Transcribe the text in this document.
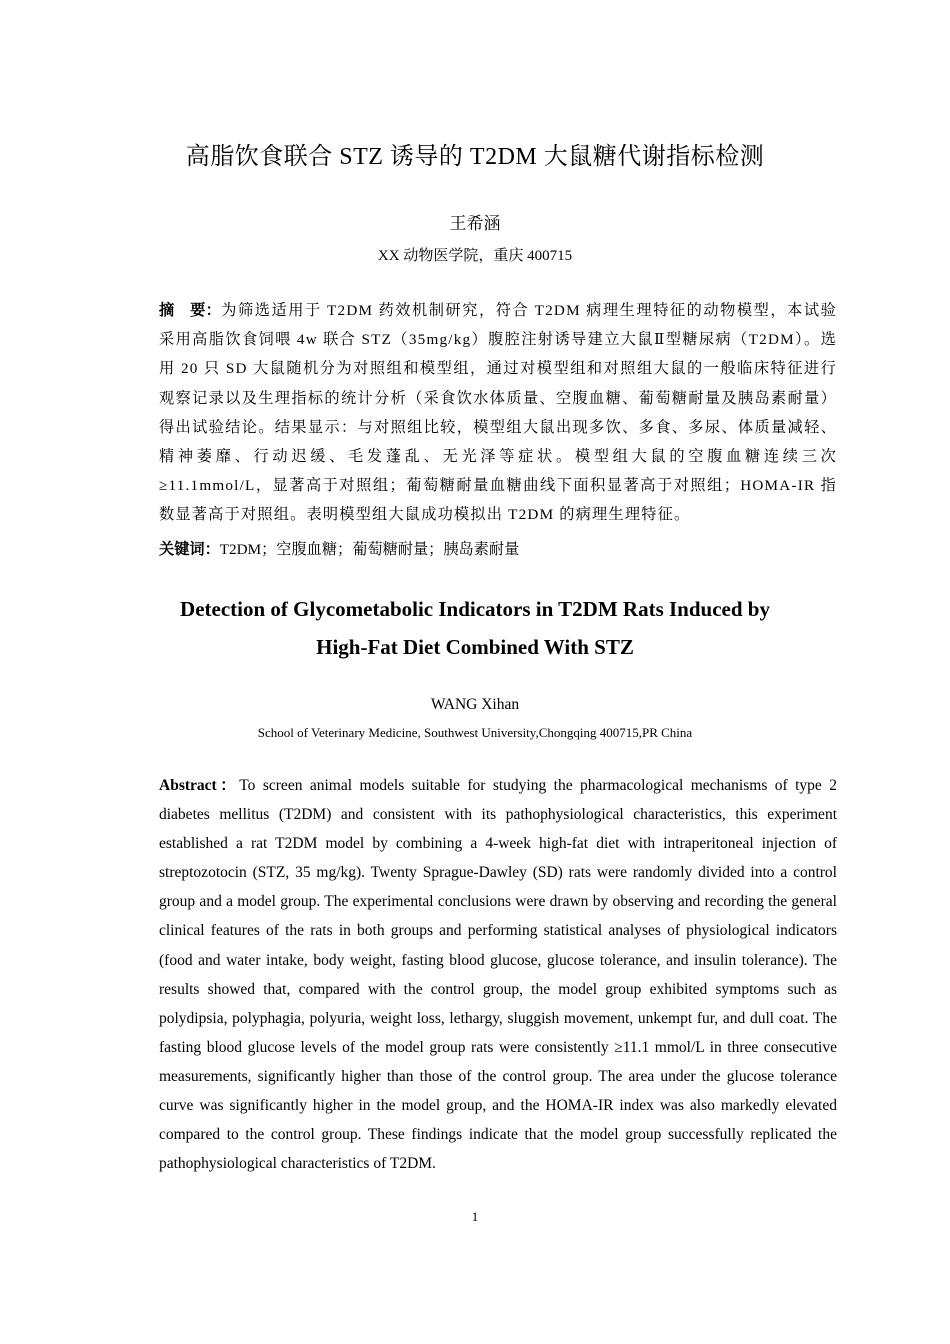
高脂饮食联合 STZ 诱导的 T2DM 大鼠糖代谢指标检测
王希涵
XX 动物医学院，重庆 400715
摘　要：为筛选适用于 T2DM 药效机制研究，符合 T2DM 病理生理特征的动物模型，本试验采用高脂饮食饲喂 4w 联合 STZ（35mg/kg）腹腔注射诱导建立大鼠Ⅱ型糖尿病（T2DM）。选用 20 只 SD 大鼠随机分为对照组和模型组，通过对模型组和对照组大鼠的一般临床特征进行观察记录以及生理指标的统计分析（采食饮水体质量、空腹血糖、葡萄糖耐量及胰岛素耐量）得出试验结论。结果显示：与对照组比较，模型组大鼠出现多饮、多食、多尿、体质量减轻、精神萎靡、行动迟缓、毛发蓬乱、无光泽等症状。模型组大鼠的空腹血糖连续三次≥11.1mmol/L，显著高于对照组；葡萄糖耐量血糖曲线下面积显著高于对照组；HOMA-IR 指数显著高于对照组。表明模型组大鼠成功模拟出 T2DM 的病理生理特征。
关键词：T2DM；空腹血糖；葡萄糖耐量；胰岛素耐量
Detection of Glycometabolic Indicators in T2DM Rats Induced by
High-Fat Diet Combined With STZ
WANG Xihan
School of Veterinary Medicine, Southwest University,Chongqing 400715,PR China
Abstract：To screen animal models suitable for studying the pharmacological mechanisms of type 2 diabetes mellitus (T2DM) and consistent with its pathophysiological characteristics, this experiment established a rat T2DM model by combining a 4-week high-fat diet with intraperitoneal injection of streptozotocin (STZ, 35 mg/kg). Twenty Sprague-Dawley (SD) rats were randomly divided into a control group and a model group. The experimental conclusions were drawn by observing and recording the general clinical features of the rats in both groups and performing statistical analyses of physiological indicators (food and water intake, body weight, fasting blood glucose, glucose tolerance, and insulin tolerance). The results showed that, compared with the control group, the model group exhibited symptoms such as polydipsia, polyphagia, polyuria, weight loss, lethargy, sluggish movement, unkempt fur, and dull coat. The fasting blood glucose levels of the model group rats were consistently ≥11.1 mmol/L in three consecutive measurements, significantly higher than those of the control group. The area under the glucose tolerance curve was significantly higher in the model group, and the HOMA-IR index was also markedly elevated compared to the control group. These findings indicate that the model group successfully replicated the pathophysiological characteristics of T2DM.
1
